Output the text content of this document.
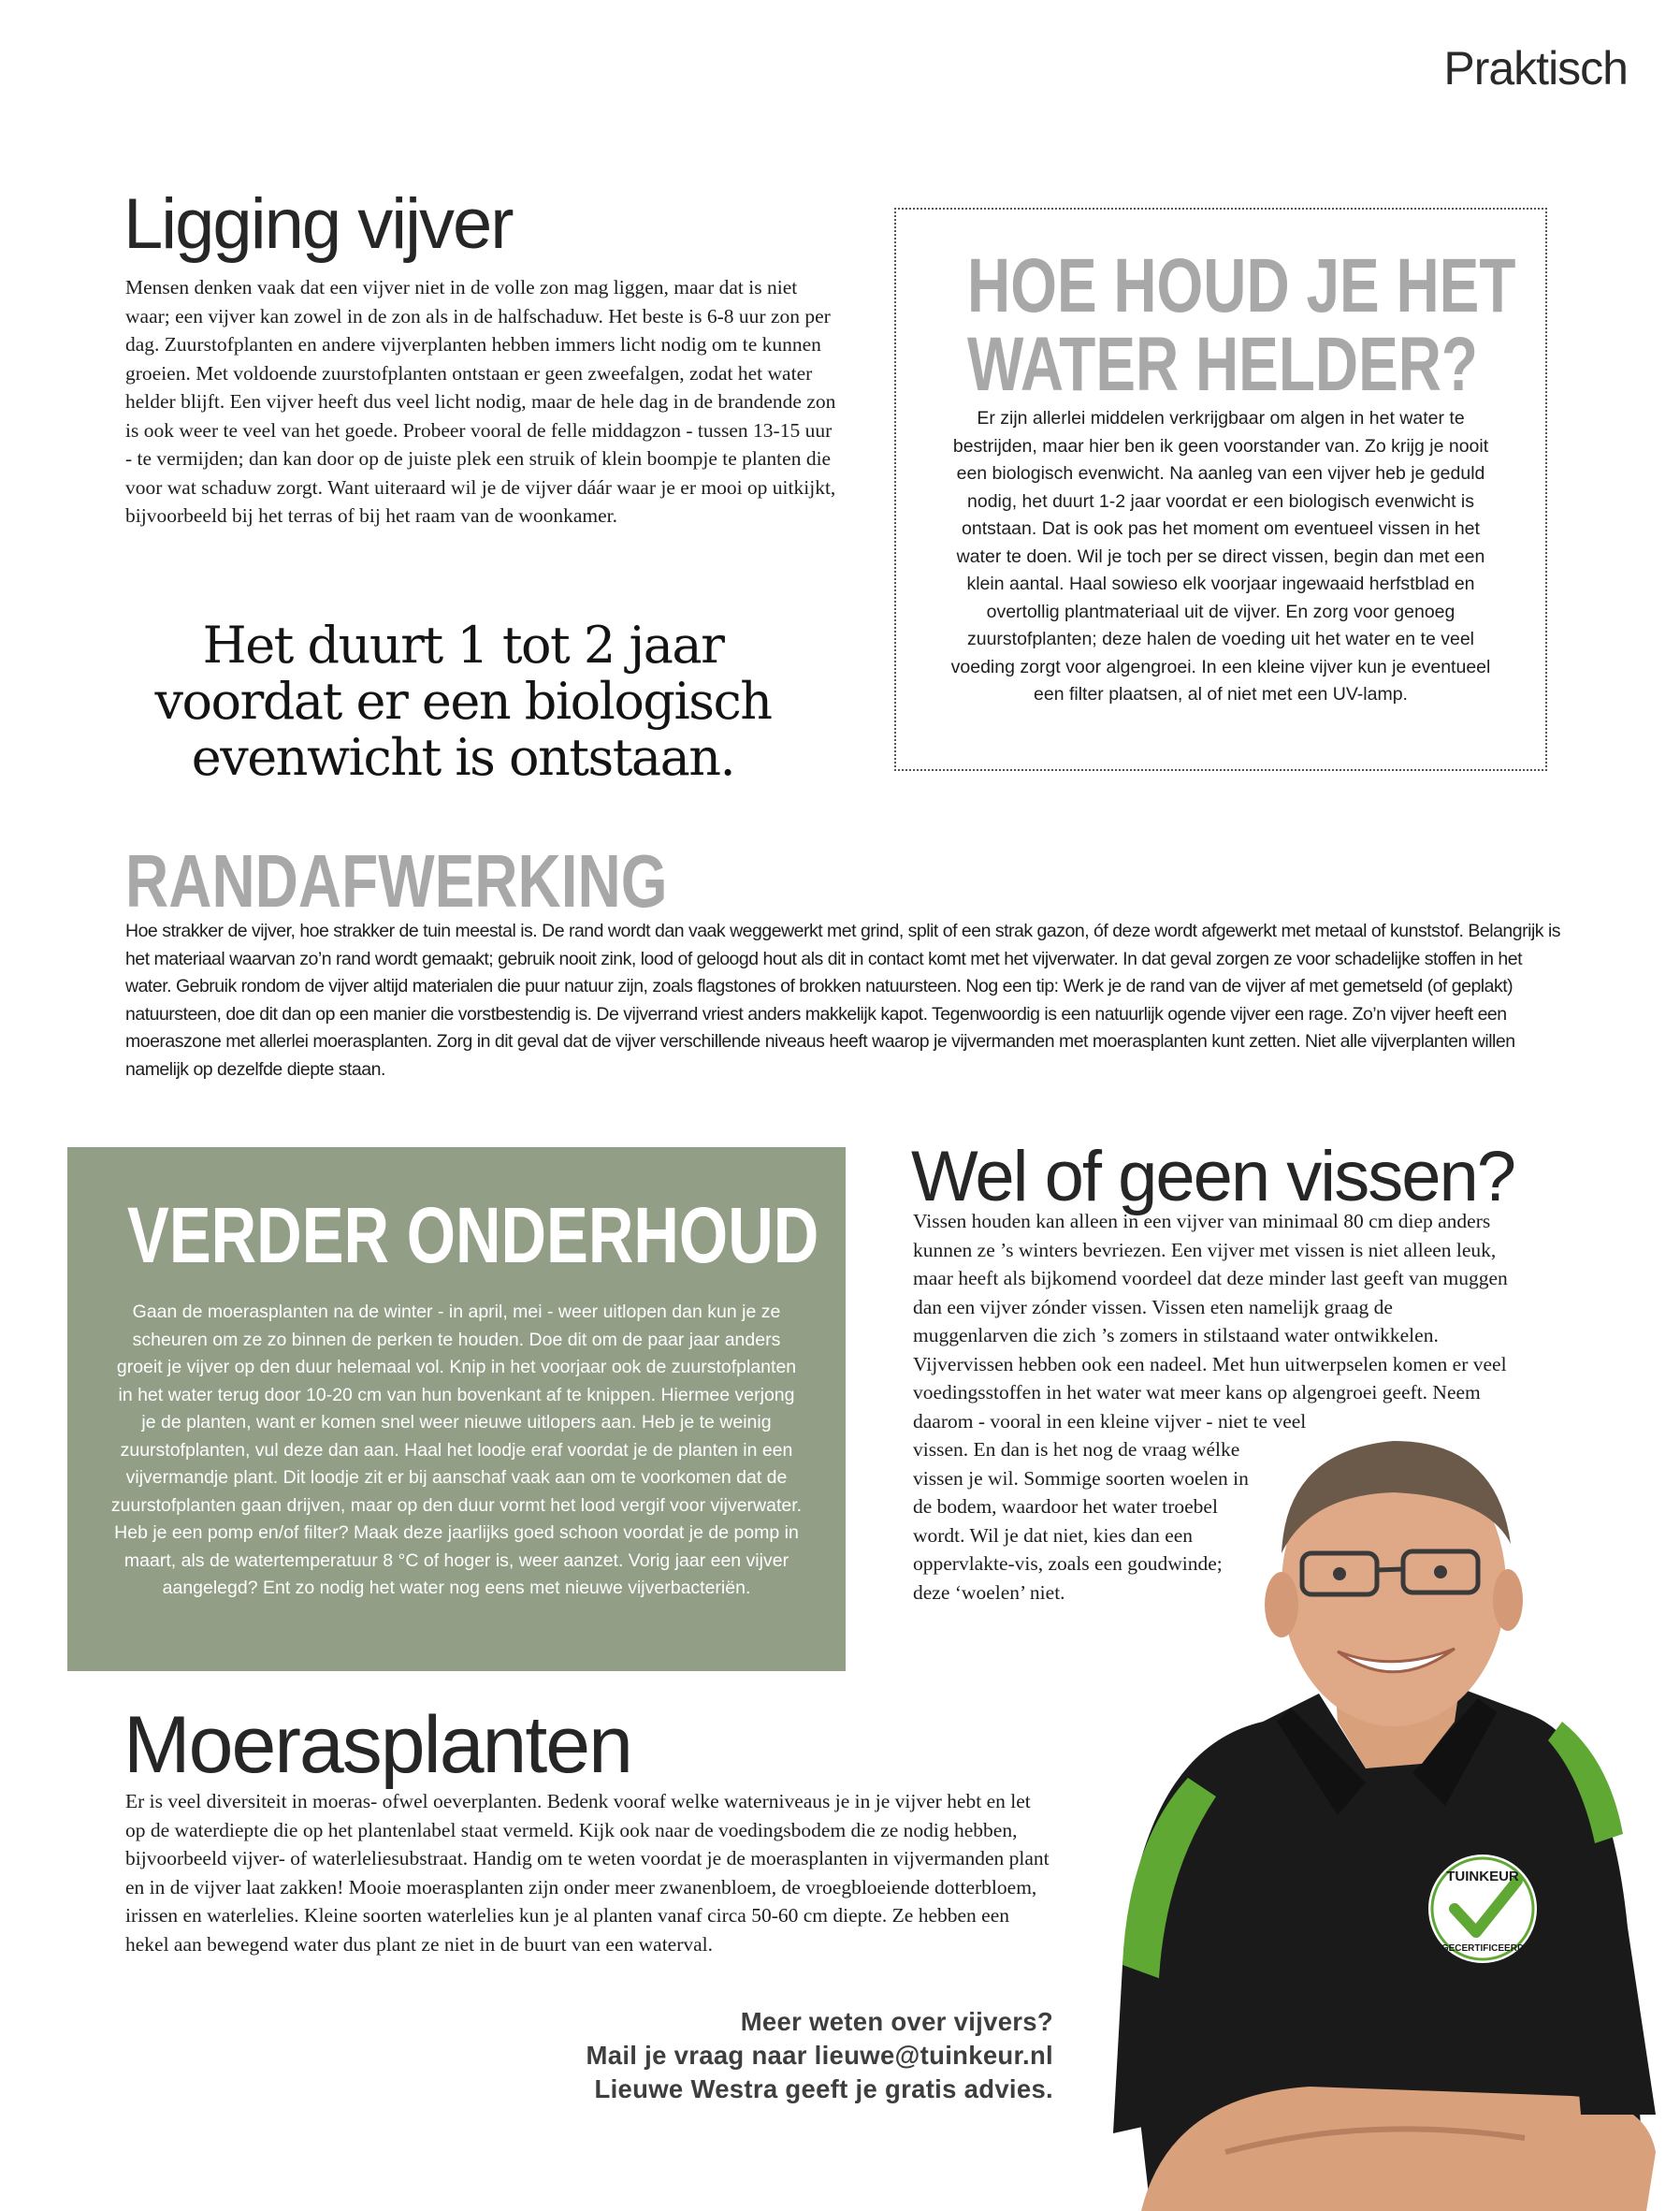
Praktisch
Ligging vijver

Mensen denken vaak dat een vijver niet in de volle zon mag liggen, maar dat is niet waar; een vijver kan zowel in de zon als in de halfschaduw. Het beste is 6-8 uur zon per dag. Zuurstofplanten en andere vijverplanten hebben immers licht nodig om te kunnen groeien. Met voldoende zuurstofplanten ontstaan er geen zweefalgen, zodat het water helder blijft. Een vijver heeft dus veel licht nodig, maar de hele dag in de brandende zon is ook weer te veel van het goede. Probeer vooral de felle middagzon - tussen 13-15 uur - te vermijden; dan kan door op de juiste plek een struik of klein boompje te planten die voor wat schaduw zorgt. Want uiteraard wil je de vijver dáár waar je er mooi op uitkijkt, bijvoorbeeld bij het terras of bij het raam van de woonkamer.

Het duurt 1 tot 2 jaar
voordat er een biologisch
evenwicht is ontstaan.
HOE HOUD JE HET
WATER HELDER?

Er zijn allerlei middelen verkrijgbaar om algen in het water te bestrijden, maar hier ben ik geen voorstander van. Zo krijg je nooit een biologisch evenwicht. Na aanleg van een vijver heb je geduld nodig, het duurt 1-2 jaar voordat er een biologisch evenwicht is ontstaan. Dat is ook pas het moment om eventueel vissen in het water te doen. Wil je toch per se direct vissen, begin dan met een klein aantal. Haal sowieso elk voorjaar ingewaaid herfstblad en overtollig plantmateriaal uit de vijver. En zorg voor genoeg zuurstofplanten; deze halen de voeding uit het water en te veel voeding zorgt voor algengroei. In een kleine vijver kun je eventueel een filter plaatsen, al of niet met een UV-lamp.

RANDAFWERKING

Hoe strakker de vijver, hoe strakker de tuin meestal is. De rand wordt dan vaak weggewerkt met grind, split of een strak gazon, óf deze wordt afgewerkt met metaal of kunststof. Belangrijk is het materiaal waarvan zo’n rand wordt gemaakt; gebruik nooit zink, lood of geloogd hout als dit in contact komt met het vijverwater. In dat geval zorgen ze voor schadelijke stoffen in het water. Gebruik rondom de vijver altijd materialen die puur natuur zijn, zoals flagstones of brokken natuursteen. Nog een tip: Werk je de rand van de vijver af met gemetseld (of geplakt) natuursteen, doe dit dan op een manier die vorstbestendig is. De vijverrand vriest anders makkelijk kapot. Tegenwoordig is een natuurlijk ogende vijver een rage. Zo’n vijver heeft een moeraszone met allerlei moerasplanten. Zorg in dit geval dat de vijver verschillende niveaus heeft waarop je vijvermanden met moerasplanten kunt zetten. Niet alle vijverplanten willen namelijk op dezelfde diepte staan.

VERDER ONDERHOUD

Gaan de moerasplanten na de winter - in april, mei - weer uitlopen dan kun je ze scheuren om ze zo binnen de perken te houden. Doe dit om de paar jaar anders groeit je vijver op den duur helemaal vol. Knip in het voorjaar ook de zuurstofplanten in het water terug door 10-20 cm van hun bovenkant af te knippen. Hiermee verjong je de planten, want er komen snel weer nieuwe uitlopers aan. Heb je te weinig zuurstofplanten, vul deze dan aan. Haal het loodje eraf voordat je de planten in een vijvermandje plant. Dit loodje zit er bij aanschaf vaak aan om te voorkomen dat de zuurstofplanten gaan drijven, maar op den duur vormt het lood vergif voor vijverwater. Heb je een pomp en/of filter? Maak deze jaarlijks goed schoon voordat je de pomp in maart, als de watertemperatuur 8 °C of hoger is, weer aanzet. Vorig jaar een vijver aangelegd? Ent zo nodig het water nog eens met nieuwe vijverbacteriën.

Wel of geen vissen?

Vissen houden kan alleen in een vijver van minimaal 80 cm diep anders kunnen ze ’s winters bevriezen. Een vijver met vissen is niet alleen leuk, maar heeft als bijkomend voordeel dat deze minder last geeft van muggen dan een vijver zónder vissen. Vissen eten namelijk graag de muggenlarven die zich ’s zomers in stilstaand water ontwikkelen. Vijvervissen hebben ook een nadeel. Met hun uitwerpselen komen er veel voedingsstoffen in het water wat meer kans op algengroei geeft. Neem daarom - vooral in een kleine vijver - niet te veel

vissen. En dan is het nog de vraag wélke vissen je wil. Sommige soorten woelen in de bodem, waardoor het water troebel wordt. Wil je dat niet, kies dan een oppervlakte-vis, zoals een goudwinde; deze ‘woelen’ niet.

Moerasplanten

Er is veel diversiteit in moeras- ofwel oeverplanten. Bedenk vooraf welke waterniveaus je in je vijver hebt en let op de waterdiepte die op het plantenlabel staat vermeld. Kijk ook naar de voedingsbodem die ze nodig hebben, bijvoorbeeld vijver- of waterleliesubstraat. Handig om te weten voordat je de moerasplanten in vijvermanden plant en in de vijver laat zakken! Mooie moerasplanten zijn onder meer zwanenbloem, de vroegbloeiende dotterbloem, irissen en waterlelies. Kleine soorten waterlelies kun je al planten vanaf circa 50-60 cm diepte. Ze hebben een hekel aan bewegend water dus plant ze niet in de buurt van een waterval.

Meer weten over vijvers?
Mail je vraag naar lieuwe@tuinkeur.nl
Lieuwe Westra geeft je gratis advies.
TUINKEUR
GECERTIFICEERD
